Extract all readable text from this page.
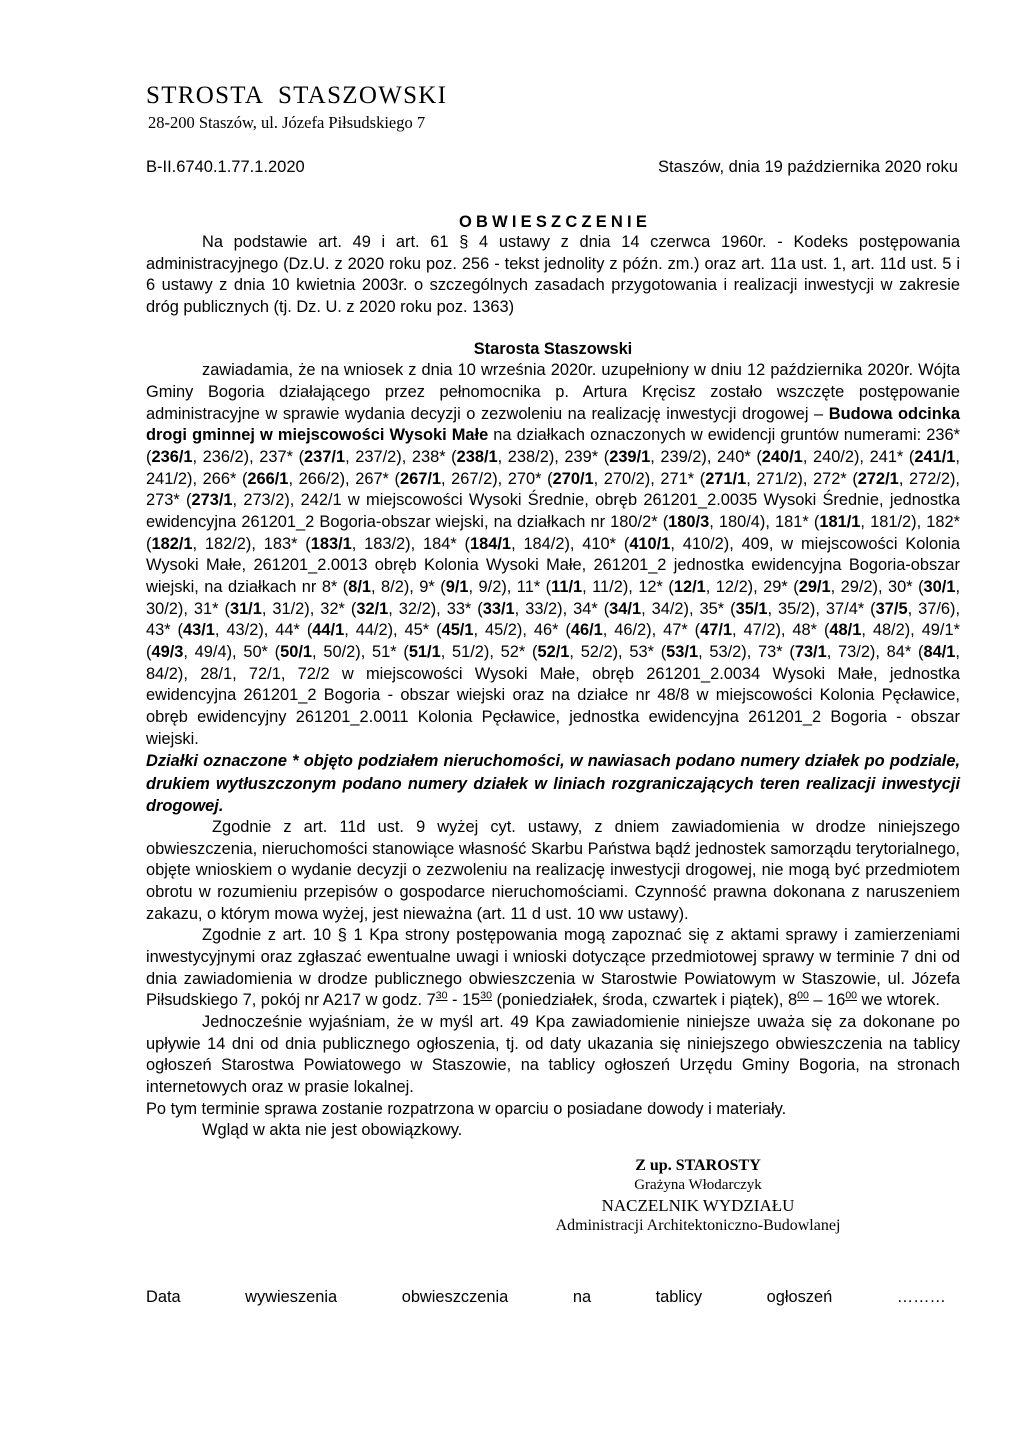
STROSTA  STASZOWSKI
28-200 Staszów, ul. Józefa Piłsudskiego 7
B-II.6740.1.77.1.2020	Staszów, dnia 19 października 2020 roku
OBWIESZCZENIE

Na podstawie art. 49 i art. 61 § 4 ustawy z dnia 14 czerwca 1960r. - Kodeks postępowania administracyjnego (Dz.U. z 2020 roku poz. 256 - tekst jednolity z późn. zm.) oraz art. 11a ust. 1, art. 11d ust. 5 i 6 ustawy z dnia 10 kwietnia 2003r. o szczególnych zasadach przygotowania i realizacji inwestycji w zakresie dróg publicznych (tj. Dz. U. z 2020 roku poz. 1363)

Starosta Staszowski

zawiadamia, że na wniosek z dnia 10 września 2020r. uzupełniony w dniu 12 października 2020r. Wójta Gminy Bogoria działającego przez pełnomocnika p. Artura Kręcisz zostało wszczęte postępowanie administracyjne w sprawie wydania decyzji o zezwoleniu na realizację inwestycji drogowej – Budowa odcinka drogi gminnej w miejscowości Wysoki Małe na działkach oznaczonych w ewidencji gruntów numerami: 236* (236/1, 236/2), 237* (237/1, 237/2), 238* (238/1, 238/2), 239* (239/1, 239/2), 240* (240/1, 240/2), 241* (241/1, 241/2), 266* (266/1, 266/2), 267* (267/1, 267/2), 270* (270/1, 270/2), 271* (271/1, 271/2), 272* (272/1, 272/2), 273* (273/1, 273/2), 242/1 w miejscowości Wysoki Średnie, obręb 261201_2.0035 Wysoki Średnie, jednostka ewidencyjna 261201_2 Bogoria-obszar wiejski, na działkach nr 180/2* (180/3, 180/4), 181* (181/1, 181/2), 182* (182/1, 182/2), 183* (183/1, 183/2), 184* (184/1, 184/2), 410* (410/1, 410/2), 409, w miejscowości Kolonia Wysoki Małe, 261201_2.0013 obręb Kolonia Wysoki Małe, 261201_2 jednostka ewidencyjna Bogoria-obszar wiejski, na działkach nr 8* (8/1, 8/2), 9* (9/1, 9/2), 11* (11/1, 11/2), 12* (12/1, 12/2), 29* (29/1, 29/2), 30* (30/1, 30/2), 31* (31/1, 31/2), 32* (32/1, 32/2), 33* (33/1, 33/2), 34* (34/1, 34/2), 35* (35/1, 35/2), 37/4* (37/5, 37/6), 43* (43/1, 43/2), 44* (44/1, 44/2), 45* (45/1, 45/2), 46* (46/1, 46/2), 47* (47/1, 47/2), 48* (48/1, 48/2), 49/1* (49/3, 49/4), 50* (50/1, 50/2), 51* (51/1, 51/2), 52* (52/1, 52/2), 53* (53/1, 53/2), 73* (73/1, 73/2), 84* (84/1, 84/2), 28/1, 72/1, 72/2 w miejscowości Wysoki Małe, obręb 261201_2.0034 Wysoki Małe, jednostka ewidencyjna 261201_2 Bogoria - obszar wiejski oraz na działce nr 48/8 w miejscowości Kolonia Pęcławice, obręb ewidencyjny 261201_2.0011 Kolonia Pęcławice, jednostka ewidencyjna 261201_2 Bogoria - obszar wiejski.

Działki oznaczone * objęto podziałem nieruchomości, w nawiasach podano numery działek po podziale, drukiem wytłuszczonym podano numery działek w liniach rozgraniczających teren realizacji inwestycji drogowej.

Zgodnie z art. 11d ust. 9 wyżej cyt. ustawy, z dniem zawiadomienia w drodze niniejszego obwieszczenia, nieruchomości stanowiące własność Skarbu Państwa bądź jednostek samorządu terytorialnego, objęte wnioskiem o wydanie decyzji o zezwoleniu na realizację inwestycji drogowej, nie mogą być przedmiotem obrotu w rozumieniu przepisów o gospodarce nieruchomościami. Czynność prawna dokonana z naruszeniem zakazu, o którym mowa wyżej, jest nieważna (art. 11 d ust. 10 ww ustawy).

Zgodnie z art. 10 § 1 Kpa strony postępowania mogą zapoznać się z aktami sprawy i zamierzeniami inwestycyjnymi oraz zgłaszać ewentualne uwagi i wnioski dotyczące przedmiotowej sprawy w terminie 7 dni od dnia zawiadomienia w drodze publicznego obwieszczenia w Starostwie Powiatowym w Staszowie, ul. Józefa Piłsudskiego 7, pokój nr A217 w godz. $7^{30} - 15^{30}$ (poniedziałek, środa, czwartek i piątek), $8^{00} - 16^{00}$ we wtorek.

Jednocześnie wyjaśniam, że w myśl art. 49 Kpa zawiadomienie niniejsze uważa się za dokonane po upływie 14 dni od dnia publicznego ogłoszenia, tj. od daty ukazania się niniejszego obwieszczenia na tablicy ogłoszeń Starostwa Powiatowego w Staszowie, na tablicy ogłoszeń Urzędu Gminy Bogoria, na stronach internetowych oraz w prasie lokalnej.

Po tym terminie sprawa zostanie rozpatrzona w oparciu o posiadane dowody i materiały.

Wgląd w akta nie jest obowiązkowy.

Z up. STAROSTY
Grażyna Włodarczyk
NACZELNIK WYDZIAŁU
Administracji Architektoniczno-Budowlanej
Data	wywieszenia	obwieszczenia	na	tablicy	ogłoszeń	………
